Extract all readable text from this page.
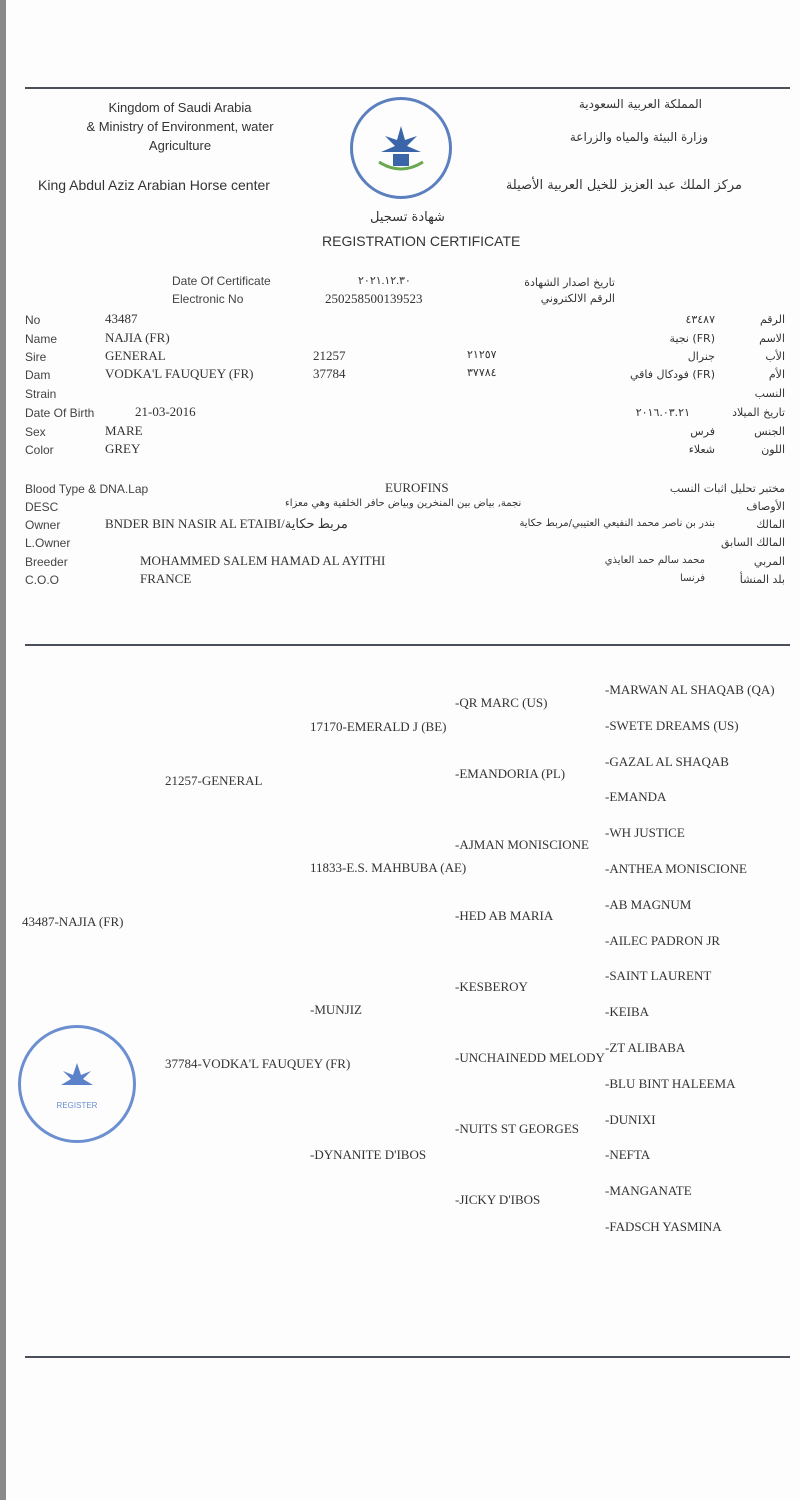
Kingdom of Saudi Arabia
& Ministry of Environment, water
Agriculture
King Abdul Aziz Arabian Horse center
المملكة العربية السعودية
وزارة البيئة والمياه والزراعة
مركز الملك عبد العزيز للخيل العربية الأصيلة
شهادة تسجيل
REGISTRATION CERTIFICATE
Date Of Certificate	٢٠٢١.١٢.٣٠	تاريخ اصدار الشهادة
Electronic No	250258500139523	الرقم الالكتروني
No	43487	٤٣٤٨٧	الرقم
Name	NAJIA (FR)	(FR) نجية	الاسم
Sire	GENERAL	21257	٢١٢٥٧	جنرال	الأب
Dam	VODKA'L FAUQUEY (FR)	37784	٣٧٧٨٤	(FR) فودكال فاقي	الأم
Strain	النسب
Date Of Birth	21-03-2016	٢٠١٦.٠٣.٢١	تاريخ الميلاد
Sex	MARE	فرس	الجنس
Color	GREY	شعلاء	اللون
Blood Type & DNA.Lap	EUROFINS	مختبر تحليل اثبات النسب
DESC	نجمة, بياض بين المنخرين وبياض حافر الخلفية وهي معزاء	الأوصاف
Owner	BNDER BIN NASIR AL ETAIBI/مربط حكاية	بندر بن ناصر محمد النفيعي العتيبي/مربط حكاية	المالك
L.Owner	المالك السابق
Breeder	MOHAMMED SALEM HAMAD AL AYITHI	محمد سالم حمد العايذي	المربي
C.O.O	FRANCE	فرنسا	بلد المنشأ
REGISTER
43487-NAJIA (FR)
21257-GENERAL
37784-VODKA'L FAUQUEY (FR)
17170-EMERALD J (BE)
11833-E.S. MAHBUBA (AE)
-MUNJIZ
-DYNANITE D'IBOS
-QR MARC (US)
-EMANDORIA (PL)
-AJMAN MONISCIONE
-HED AB MARIA
-KESBEROY
-UNCHAINEDD MELODY
-NUITS ST GEORGES
-JICKY D'IBOS
-MARWAN AL SHAQAB (QA)
-SWETE DREAMS (US)
-GAZAL AL SHAQAB
-EMANDA
-WH JUSTICE
-ANTHEA MONISCIONE
-AB MAGNUM
-AILEC PADRON JR
-SAINT LAURENT
-KEIBA
-ZT ALIBABA
-BLU BINT HALEEMA
-DUNIXI
-NEFTA
-MANGANATE
-FADSCH YASMINA
